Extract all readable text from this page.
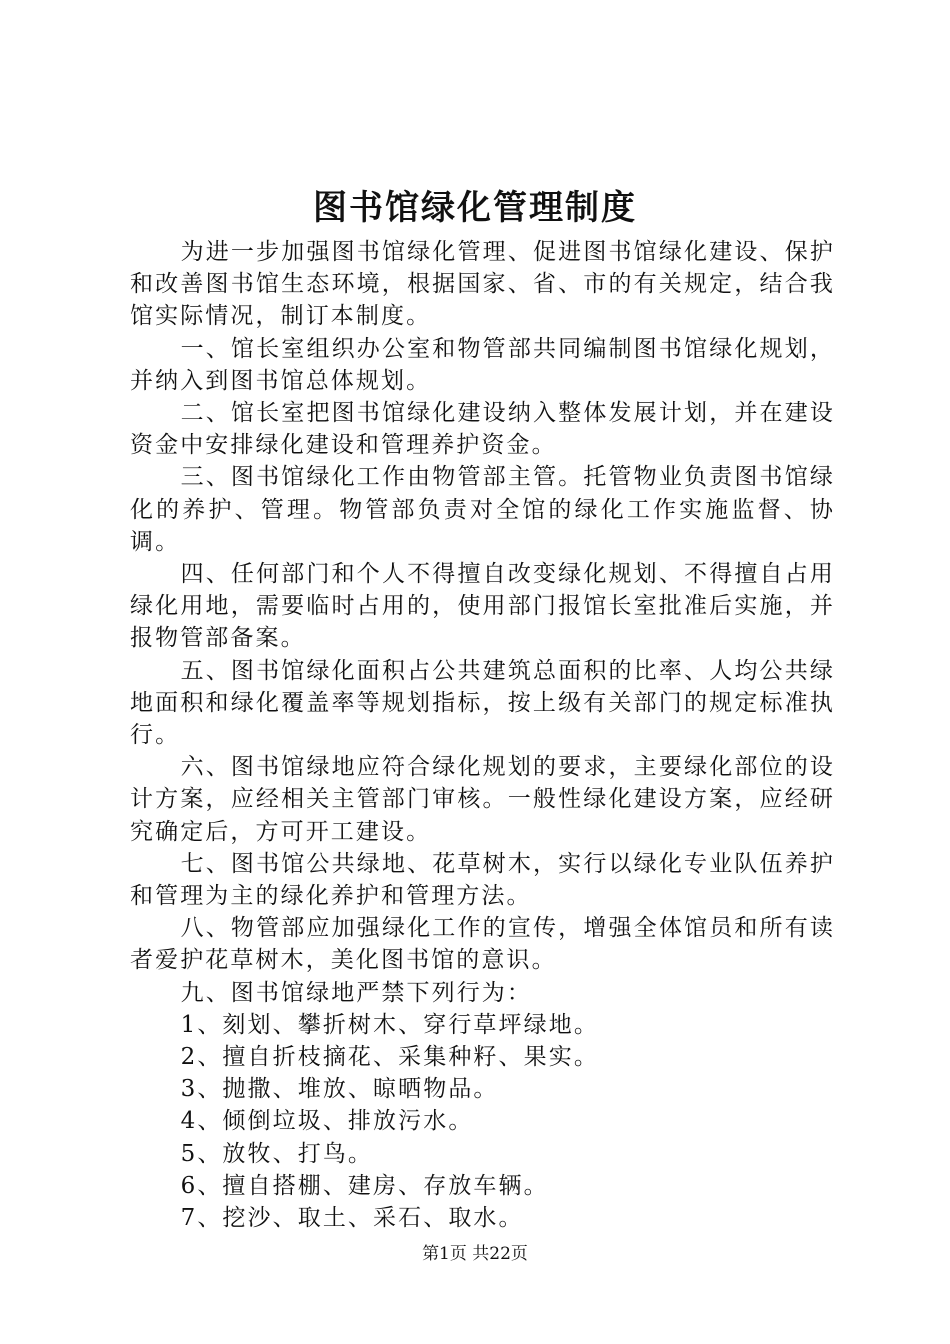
图书馆绿化管理制度

为进一步加强图书馆绿化管理、促进图书馆绿化建设、保护和改善图书馆生态环境，根据国家、省、市的有关规定，结合我馆实际情况，制订本制度。

一、馆长室组织办公室和物管部共同编制图书馆绿化规划，并纳入到图书馆总体规划。

二、馆长室把图书馆绿化建设纳入整体发展计划，并在建设资金中安排绿化建设和管理养护资金。

三、图书馆绿化工作由物管部主管。托管物业负责图书馆绿化的养护、管理。物管部负责对全馆的绿化工作实施监督、协调。

四、任何部门和个人不得擅自改变绿化规划、不得擅自占用绿化用地，需要临时占用的，使用部门报馆长室批准后实施，并报物管部备案。

五、图书馆绿化面积占公共建筑总面积的比率、人均公共绿地面积和绿化覆盖率等规划指标，按上级有关部门的规定标准执行。

六、图书馆绿地应符合绿化规划的要求，主要绿化部位的设计方案，应经相关主管部门审核。一般性绿化建设方案，应经研究确定后，方可开工建设。

七、图书馆公共绿地、花草树木，实行以绿化专业队伍养护和管理为主的绿化养护和管理方法。

八、物管部应加强绿化工作的宣传，增强全体馆员和所有读者爱护花草树木，美化图书馆的意识。

九、图书馆绿地严禁下列行为：

1、刻划、攀折树木、穿行草坪绿地。

2、擅自折枝摘花、采集种籽、果实。

3、抛撒、堆放、晾晒物品。

4、倾倒垃圾、排放污水。

5、放牧、打鸟。

6、擅自搭棚、建房、存放车辆。

7、挖沙、取土、采石、取水。

第1页 共22页
